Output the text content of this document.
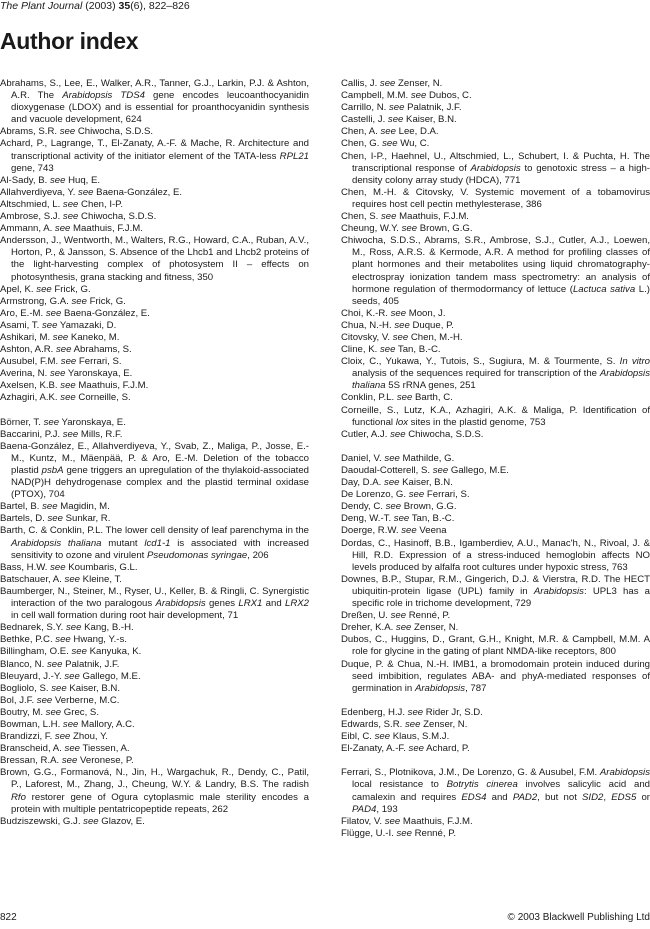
The Plant Journal (2003) 35(6), 822–826
Author index
Abrahams, S., Lee, E., Walker, A.R., Tanner, G.J., Larkin, P.J. & Ashton, A.R. The Arabidopsis TDS4 gene encodes leucoanthocyanidin dioxygenase (LDOX) and is essential for proanthocyanidin synthesis and vacuole development, 624
Abrams, S.R. see Chiwocha, S.D.S.
Achard, P., Lagrange, T., El-Zanaty, A.-F. & Mache, R. Architecture and transcriptional activity of the initiator element of the TATA-less RPL21 gene, 743
Al-Sady, B. see Huq, E.
Allahverdiyeva, Y. see Baena-González, E.
Altschmied, L. see Chen, I-P.
Ambrose, S.J. see Chiwocha, S.D.S.
Ammann, A. see Maathuis, F.J.M.
Andersson, J., Wentworth, M., Walters, R.G., Howard, C.A., Ruban, A.V., Horton, P., & Jansson, S. Absence of the Lhcb1 and Lhcb2 proteins of the light-harvesting complex of photosystem II – effects on photosynthesis, grana stacking and fitness, 350
Apel, K. see Frick, G.
Armstrong, G.A. see Frick, G.
Aro, E.-M. see Baena-González, E.
Asami, T. see Yamazaki, D.
Ashikari, M. see Kaneko, M.
Ashton, A.R. see Abrahams, S.
Ausubel, F.M. see Ferrari, S.
Averina, N. see Yaronskaya, E.
Axelsen, K.B. see Maathuis, F.J.M.
Azhagiri, A.K. see Corneille, S.
Börner, T. see Yaronskaya, E.
Baccarini, P.J. see Mills, R.F.
Baena-González, E., Allahverdiyeva, Y., Svab, Z., Maliga, P., Josse, E.-M., Kuntz, M., Mäenpää, P. & Aro, E.-M. Deletion of the tobacco plastid psbA gene triggers an upregulation of the thylakoid-associated NAD(P)H dehydrogenase complex and the plastid terminal oxidase (PTOX), 704
Bartel, B. see Magidin, M.
Bartels, D. see Sunkar, R.
Barth, C. & Conklin, P.L. The lower cell density of leaf parenchyma in the Arabidopsis thaliana mutant lcd1-1 is associated with increased sensitivity to ozone and virulent Pseudomonas syringae, 206
Bass, H.W. see Koumbaris, G.L.
Batschauer, A. see Kleine, T.
Baumberger, N., Steiner, M., Ryser, U., Keller, B. & Ringli, C. Synergistic interaction of the two paralogous Arabidopsis genes LRX1 and LRX2 in cell wall formation during root hair development, 71
Bednarek, S.Y. see Kang, B.-H.
Bethke, P.C. see Hwang, Y.-s.
Billingham, O.E. see Kanyuka, K.
Blanco, N. see Palatnik, J.F.
Bleuyard, J.-Y. see Gallego, M.E.
Bogliolo, S. see Kaiser, B.N.
Bol, J.F. see Verberne, M.C.
Boutry, M. see Grec, S.
Bowman, L.H. see Mallory, A.C.
Brandizzi, F. see Zhou, Y.
Branscheid, A. see Tiessen, A.
Bressan, R.A. see Veronese, P.
Brown, G.G., Formanová, N., Jin, H., Wargachuk, R., Dendy, C., Patil, P., Laforest, M., Zhang, J., Cheung, W.Y. & Landry, B.S. The radish Rfo restorer gene of Ogura cytoplasmic male sterility encodes a protein with multiple pentatricopeptide repeats, 262
Budziszewski, G.J. see Glazov, E.
Callis, J. see Zenser, N.
Campbell, M.M. see Dubos, C.
Carrillo, N. see Palatnik, J.F.
Castelli, J. see Kaiser, B.N.
Chen, A. see Lee, D.A.
Chen, G. see Wu, C.
Chen, I-P., Haehnel, U., Altschmied, L., Schubert, I. & Puchta, H. The transcriptional response of Arabidopsis to genotoxic stress – a high-density colony array study (HDCA), 771
Chen, M.-H. & Citovsky, V. Systemic movement of a tobamovirus requires host cell pectin methylesterase, 386
Chen, S. see Maathuis, F.J.M.
Cheung, W.Y. see Brown, G.G.
Chiwocha, S.D.S., Abrams, S.R., Ambrose, S.J., Cutler, A.J., Loewen, M., Ross, A.R.S. & Kermode, A.R. A method for profiling classes of plant hormones and their metabolites using liquid chromatography-electrospray ionization tandem mass spectrometry: an analysis of hormone regulation of thermodormancy of lettuce (Lactuca sativa L.) seeds, 405
Choi, K.-R. see Moon, J.
Chua, N.-H. see Duque, P.
Citovsky, V. see Chen, M.-H.
Cline, K. see Tan, B.-C.
Cloix, C., Yukawa, Y., Tutois, S., Sugiura, M. & Tourmente, S. In vitro analysis of the sequences required for transcription of the Arabidopsis thaliana 5S rRNA genes, 251
Conklin, P.L. see Barth, C.
Corneille, S., Lutz, K.A., Azhagiri, A.K. & Maliga, P. Identification of functional lox sites in the plastid genome, 753
Cutler, A.J. see Chiwocha, S.D.S.
Daniel, V. see Mathilde, G.
Daoudal-Cotterell, S. see Gallego, M.E.
Day, D.A. see Kaiser, B.N.
De Lorenzo, G. see Ferrari, S.
Dendy, C. see Brown, G.G.
Deng, W.-T. see Tan, B.-C.
Doerge, R.W. see Veena
Dordas, C., Hasinoff, B.B., Igamberdiev, A.U., Manac'h, N., Rivoal, J. & Hill, R.D. Expression of a stress-induced hemoglobin affects NO levels produced by alfalfa root cultures under hypoxic stress, 763
Downes, B.P., Stupar, R.M., Gingerich, D.J. & Vierstra, R.D. The HECT ubiquitin-protein ligase (UPL) family in Arabidopsis: UPL3 has a specific role in trichome development, 729
Dreßen, U. see Renné, P.
Dreher, K.A. see Zenser, N.
Dubos, C., Huggins, D., Grant, G.H., Knight, M.R. & Campbell, M.M. A role for glycine in the gating of plant NMDA-like receptors, 800
Duque, P. & Chua, N.-H. IMB1, a bromodomain protein induced during seed imbibition, regulates ABA- and phyA-mediated responses of germination in Arabidopsis, 787
Edenberg, H.J. see Rider Jr, S.D.
Edwards, S.R. see Zenser, N.
Eibl, C. see Klaus, S.M.J.
El-Zanaty, A.-F. see Achard, P.
Ferrari, S., Plotnikova, J.M., De Lorenzo, G. & Ausubel, F.M. Arabidopsis local resistance to Botrytis cinerea involves salicylic acid and camalexin and requires EDS4 and PAD2, but not SID2, EDS5 or PAD4, 193
Filatov, V. see Maathuis, F.J.M.
Flügge, U.-I. see Renné, P.
822	© 2003 Blackwell Publishing Ltd
